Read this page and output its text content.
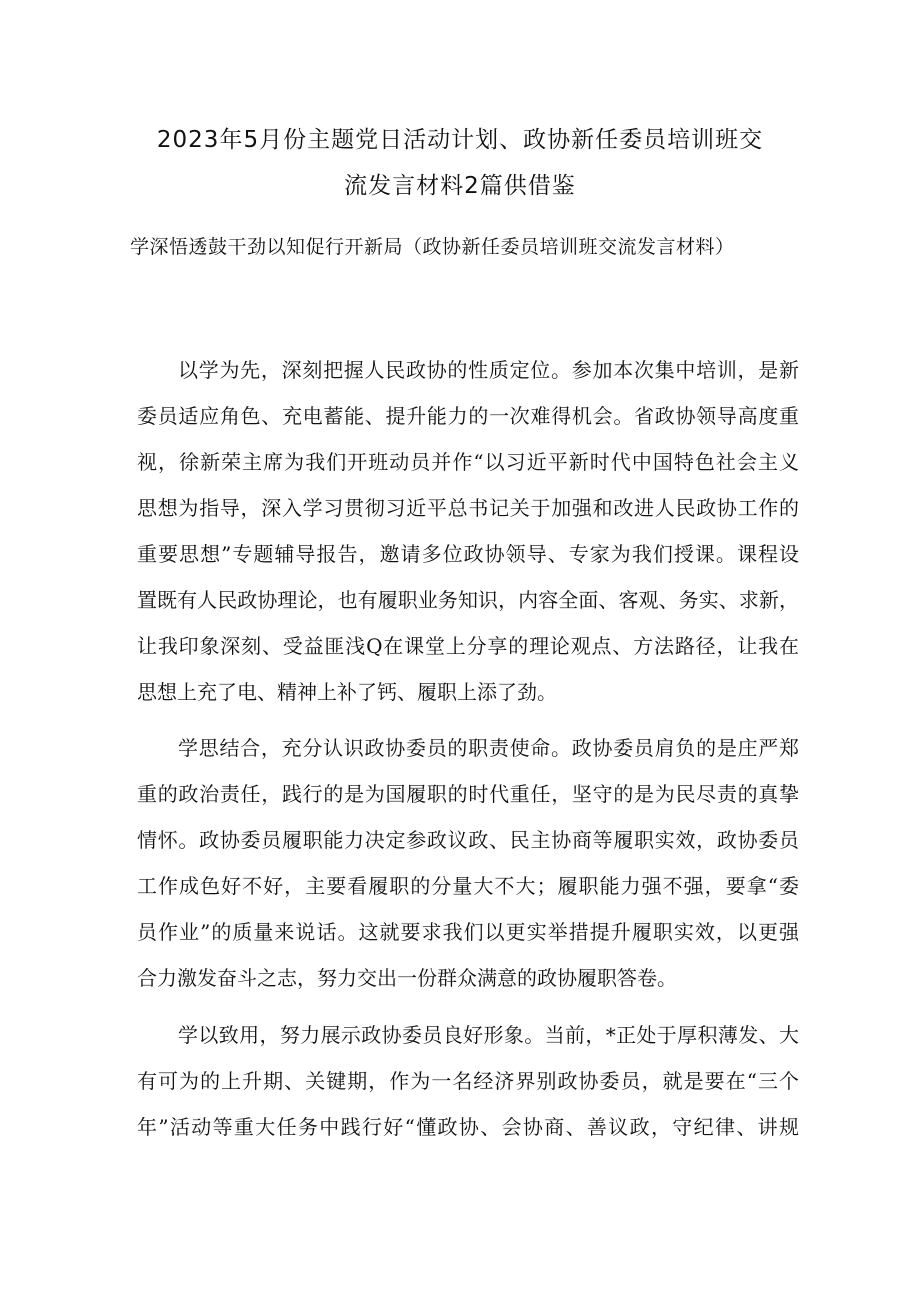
2023年5月份主题党日活动计划、政协新任委员培训班交
流发言材料2篇供借鉴
学深悟透鼓干劲以知促行开新局（政协新任委员培训班交流发言材料）
以学为先，深刻把握人民政协的性质定位。参加本次集中培训，是新
委员适应角色、充电蓄能、提升能力的一次难得机会。省政协领导高度重
视，徐新荣主席为我们开班动员并作“以习近平新时代中国特色社会主义
思想为指导，深入学习贯彻习近平总书记关于加强和改进人民政协工作的
重要思想”专题辅导报告，邀请多位政协领导、专家为我们授课。课程设
置既有人民政协理论，也有履职业务知识，内容全面、客观、务实、求新，
让我印象深刻、受益匪浅Q在课堂上分享的理论观点、方法路径，让我在
思想上充了电、精神上补了钙、履职上添了劲。
学思结合，充分认识政协委员的职责使命。政协委员肩负的是庄严郑
重的政治责任，践行的是为国履职的时代重任，坚守的是为民尽责的真挚
情怀。政协委员履职能力决定参政议政、民主协商等履职实效，政协委员
工作成色好不好，主要看履职的分量大不大；履职能力强不强，要拿“委
员作业”的质量来说话。这就要求我们以更实举措提升履职实效，以更强
合力激发奋斗之志，努力交出一份群众满意的政协履职答卷。
学以致用，努力展示政协委员良好形象。当前，*正处于厚积薄发、大
有可为的上升期、关键期，作为一名经济界别政协委员，就是要在“三个
年”活动等重大任务中践行好“懂政协、会协商、善议政，守纪律、讲规
